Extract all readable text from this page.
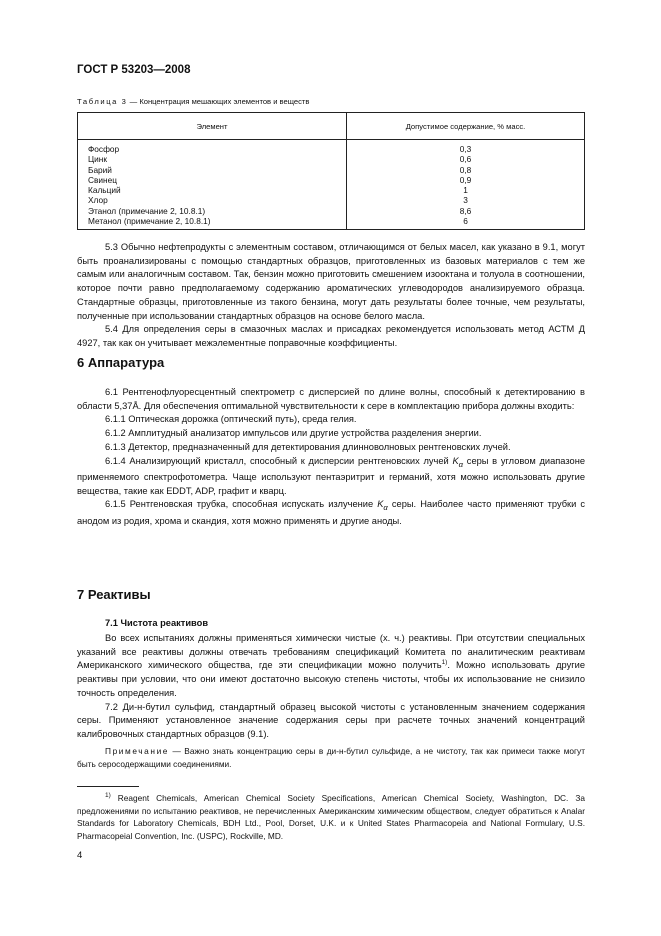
ГОСТ Р 53203—2008
Таблица 3 — Концентрация мешающих элементов и веществ
Элемент	Допустимое содержание, % масс.
Фосфор	0,3
Цинк	0,6
Барий	0,8
Свинец	0,9
Кальций	1
Хлор	3
Этанол (примечание 2, 10.8.1)	8,6
Метанол (примечание 2, 10.8.1)	6

5.3 Обычно нефтепродукты с элементным составом, отличающимся от белых масел, как указано в 9.1, могут быть проанализированы с помощью стандартных образцов, приготовленных из базовых материалов с тем же самым или аналогичным составом. Так, бензин можно приготовить смешением изооктана и толуола в соотношении, которое почти равно предполагаемому содержанию ароматических углеводородов анализируемого образца. Стандартные образцы, приготовленные из такого бензина, могут дать результаты более точные, чем результаты, полученные при использовании стандартных образцов на основе белого масла.

5.4 Для определения серы в смазочных маслах и присадках рекомендуется использовать метод АСТМ Д 4927, так как он учитывает межэлементные поправочные коэффициенты.

6 Аппаратура

6.1 Рентгенофлуоресцентный спектрометр с дисперсией по длине волны, способный к детектированию в области 5,37Å. Для обеспечения оптимальной чувствительности к сере в комплектацию прибора должны входить:

6.1.1 Оптическая дорожка (оптический путь), среда гелия.

6.1.2 Амплитудный анализатор импульсов или другие устройства разделения энергии.

6.1.3 Детектор, предназначенный для детектирования длинноволновых рентгеновских лучей.

6.1.4 Анализирующий кристалл, способный к дисперсии рентгеновских лучей $K_\alpha$ серы в угловом диапазоне применяемого спектрофотометра. Чаще используют пентаэритрит и германий, хотя можно использовать другие вещества, такие как EDDT, ADP, графит и кварц.

6.1.5 Рентгеновская трубка, способная испускать излучение $K_\alpha$ серы. Наиболее часто применяют трубки с анодом из родия, хрома и скандия, хотя можно применять и другие аноды.

7 Реактивы
7.1 Чистота реактивов

Во всех испытаниях должны применяться химически чистые (х. ч.) реактивы. При отсутствии специальных указаний все реактивы должны отвечать требованиям спецификаций Комитета по аналитическим реактивам Американского химического общества, где эти спецификации можно получить$^{1)}$. Можно использовать другие реактивы при условии, что они имеют достаточно высокую степень чистоты, чтобы их использование не снизило точность определения.

7.2 Ди-н-бутил сульфид, стандартный образец высокой чистоты с установленным значением содержания серы. Применяют установленное значение содержания серы при расчете точных значений концентраций калибровочных стандартных образцов (9.1).

Примечание — Важно знать концентрацию серы в ди-н-бутил сульфиде, а не чистоту, так как примеси также могут быть серосодержащими соединениями.

$^{1)}$ Reagent Chemicals, American Chemical Society Specifications, American Chemical Society, Washington, DC. За предложениями по испытанию реактивов, не перечисленных Американским химическим обществом, следует обратиться к Analar Standards for Laboratory Chemicals, BDH Ltd., Pool, Dorset, U.K. и к United States Pharmacopeia and National Formulary, U.S. Pharmacopeial Convention, Inc. (USPC), Rockville, MD.

4
